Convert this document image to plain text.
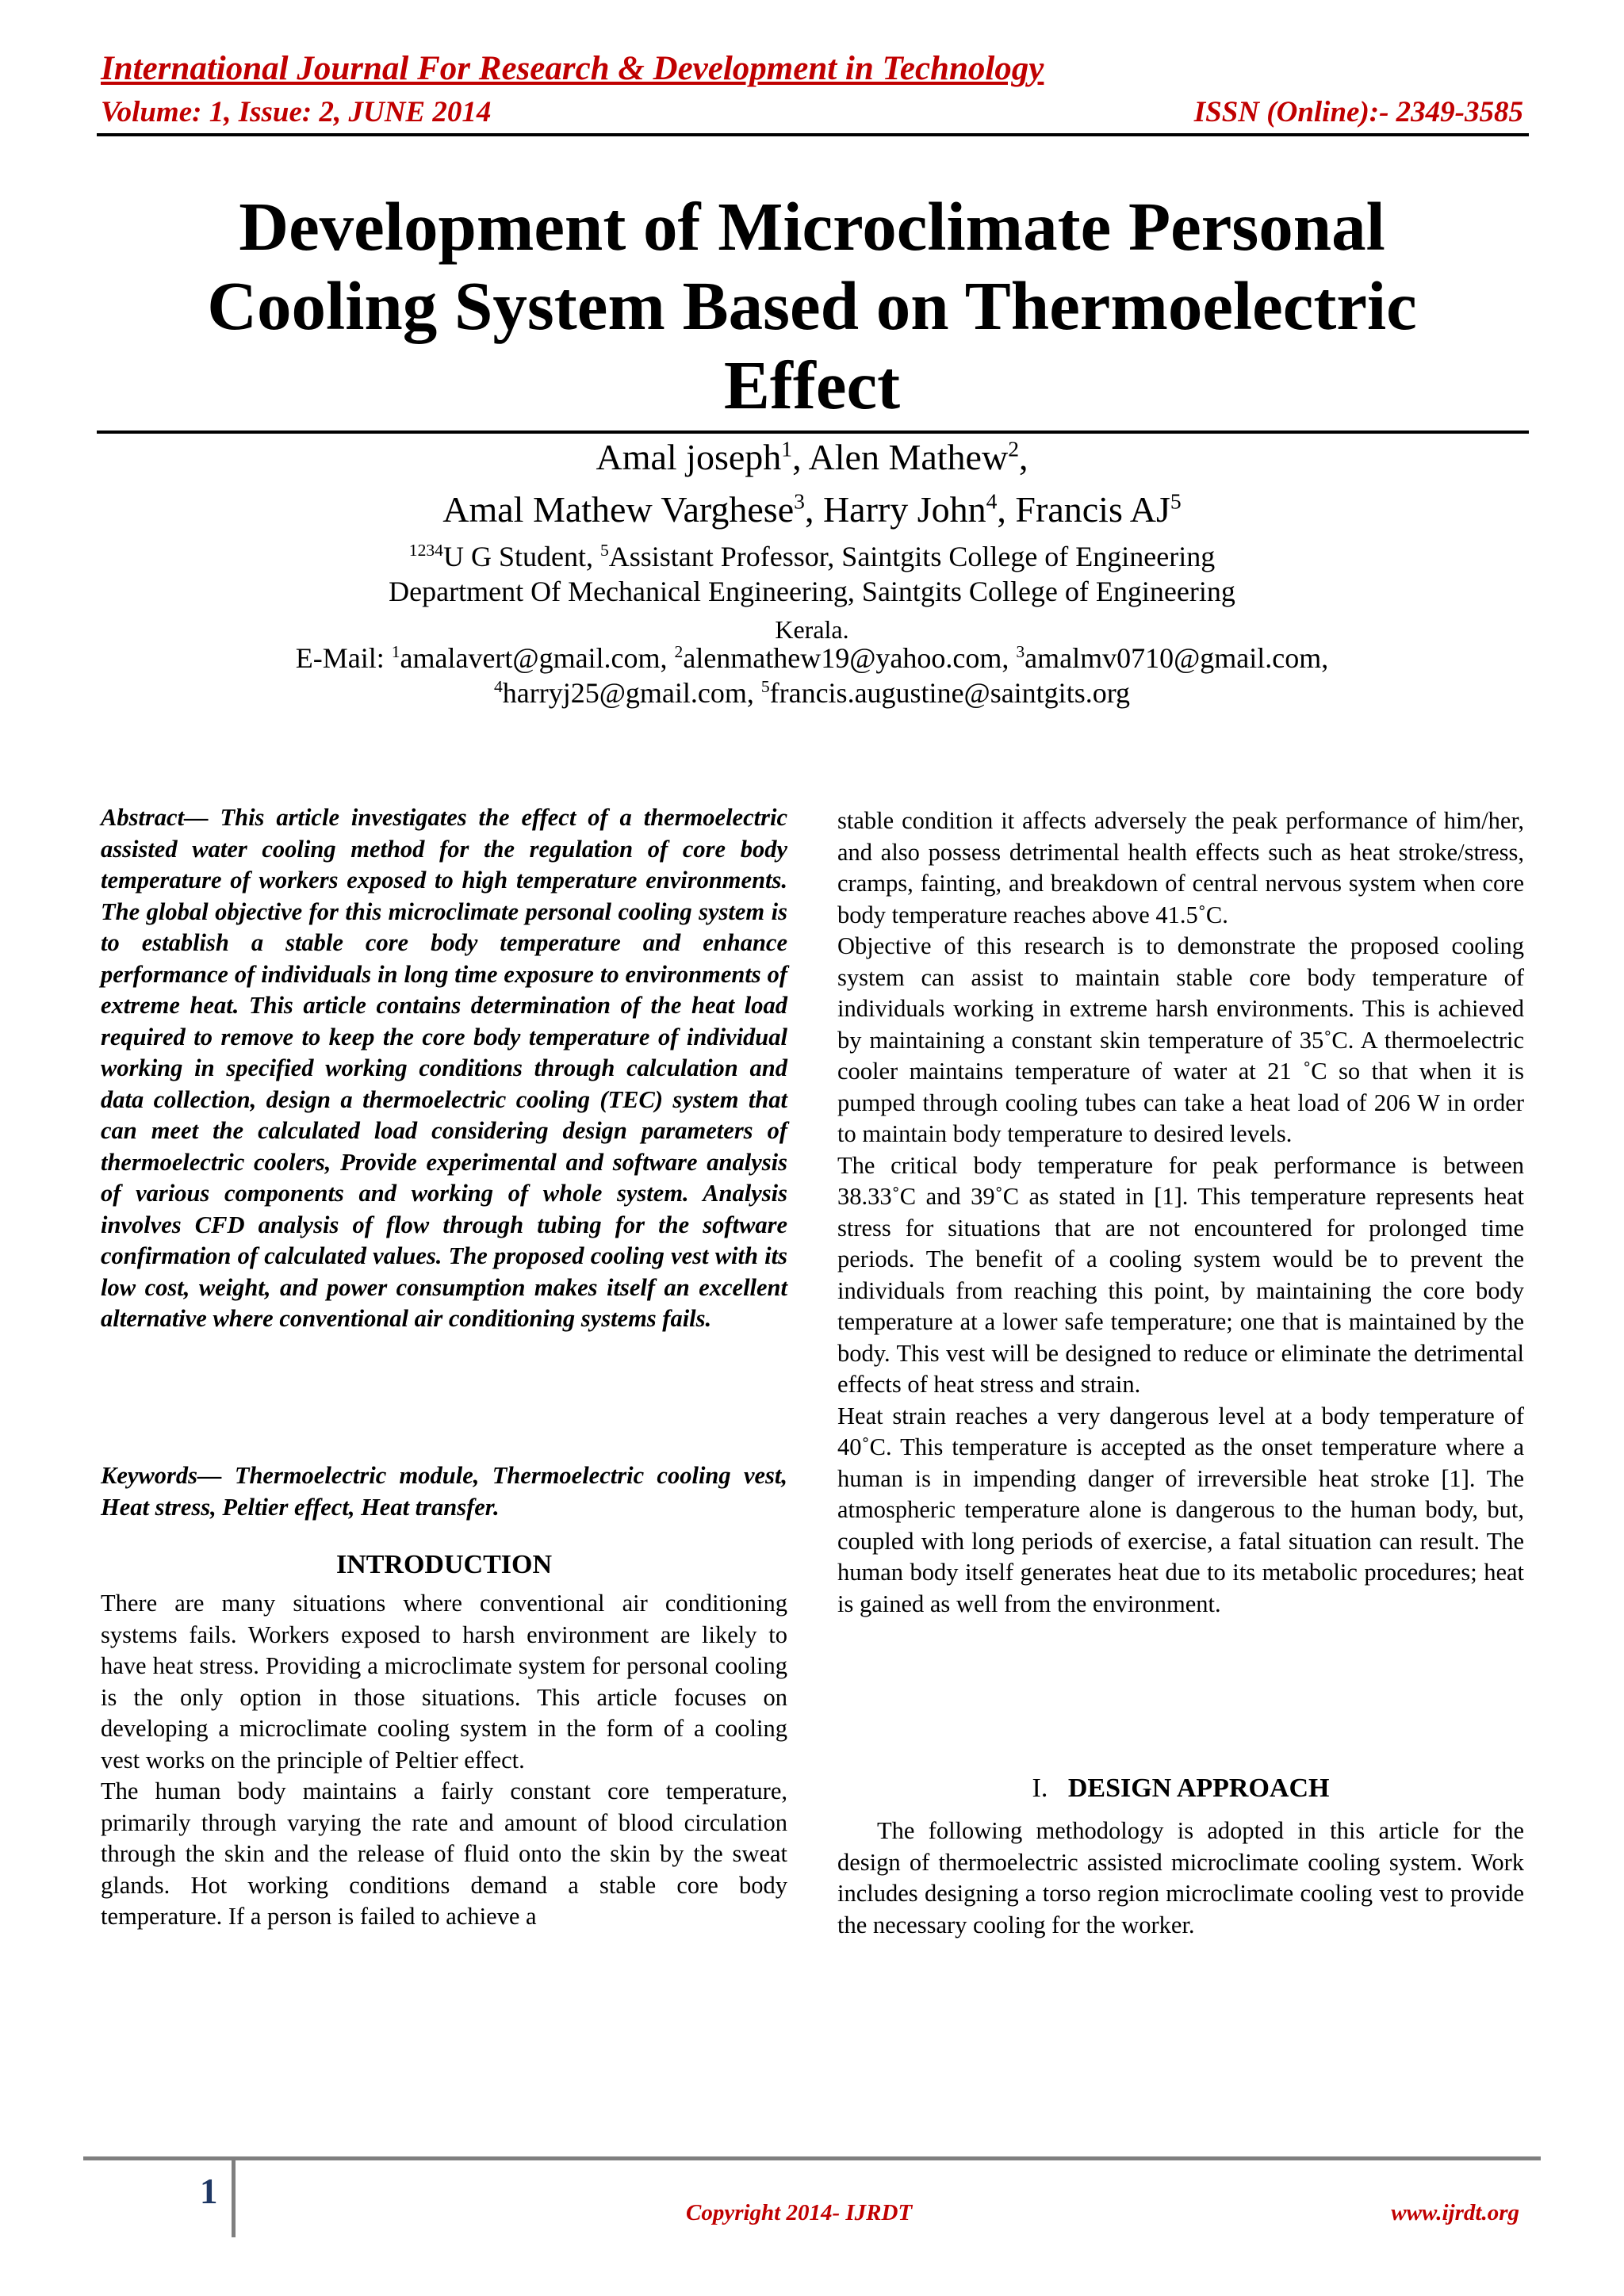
International Journal For Research & Development in Technology
Volume: 1, Issue: 2, JUNE 2014	ISSN (Online):- 2349-3585
Development of Microclimate Personal Cooling System Based on Thermoelectric Effect
Amal joseph$^1$, Alen Mathew$^2$,
Amal Mathew Varghese$^3$, Harry John$^4$, Francis $AJ^5$
$^{1234}$U G Student, $^5$Assistant Professor, Saintgits College of Engineering
Department Of Mechanical Engineering, Saintgits College of Engineering
Kerala.
E-Mail: $^1$amalavert@gmail.com, $^2$alenmathew19@yahoo.com, $^3$amalmv0710@gmail.com,
$^4$harryj25@gmail.com, $^5$francis.augustine@saintgits.org
Abstract— This article investigates the effect of a thermoelectric assisted water cooling method for the regulation of core body temperature of workers exposed to high temperature environments. The global objective for this microclimate personal cooling system is to establish a stable core body temperature and enhance performance of individuals in long time exposure to environments of extreme heat. This article contains determination of the heat load required to remove to keep the core body temperature of individual working in specified working conditions through calculation and data collection, design a thermoelectric cooling (TEC) system that can meet the calculated load considering design parameters of thermoelectric coolers, Provide experimental and software analysis of various components and working of whole system. Analysis involves CFD analysis of flow through tubing for the software confirmation of calculated values. The proposed cooling vest with its low cost, weight, and power consumption makes itself an excellent alternative where conventional air conditioning systems fails.
Keywords— Thermoelectric module, Thermoelectric cooling vest, Heat stress, Peltier effect, Heat transfer.
INTRODUCTION

There are many situations where conventional air conditioning systems fails. Workers exposed to harsh environment are likely to have heat stress. Providing a microclimate system for personal cooling is the only option in those situations. This article focuses on developing a microclimate cooling system in the form of a cooling vest works on the principle of Peltier effect.

The human body maintains a fairly constant core temperature, primarily through varying the rate and amount of blood circulation through the skin and the release of fluid onto the skin by the sweat glands. Hot working conditions demand a stable core body temperature. If a person is failed to achieve a

stable condition it affects adversely the peak performance of him/her, and also possess detrimental health effects such as heat stroke/stress, cramps, fainting, and breakdown of central nervous system when core body temperature reaches above 41.5˚C.

Objective of this research is to demonstrate the proposed cooling system can assist to maintain stable core body temperature of individuals working in extreme harsh environments. This is achieved by maintaining a constant skin temperature of 35˚C. A thermoelectric cooler maintains temperature of water at 21 ˚C so that when it is pumped through cooling tubes can take a heat load of 206 W in order to maintain body temperature to desired levels.

The critical body temperature for peak performance is between 38.33˚C and 39˚C as stated in [1]. This temperature represents heat stress for situations that are not encountered for prolonged time periods. The benefit of a cooling system would be to prevent the individuals from reaching this point, by maintaining the core body temperature at a lower safe temperature; one that is maintained by the body. This vest will be designed to reduce or eliminate the detrimental effects of heat stress and strain.

Heat strain reaches a very dangerous level at a body temperature of 40˚C. This temperature is accepted as the onset temperature where a human is in impending danger of irreversible heat stroke [1]. The atmospheric temperature alone is dangerous to the human body, but, coupled with long periods of exercise, a fatal situation can result. The human body itself generates heat due to its metabolic procedures; heat is gained as well from the environment.

I. DESIGN APPROACH
The following methodology is adopted in this article for the design of thermoelectric assisted microclimate cooling system. Work includes designing a torso region microclimate cooling vest to provide the necessary cooling for the worker.
1
Copyright 2014- IJRDT	www.ijrdt.org
